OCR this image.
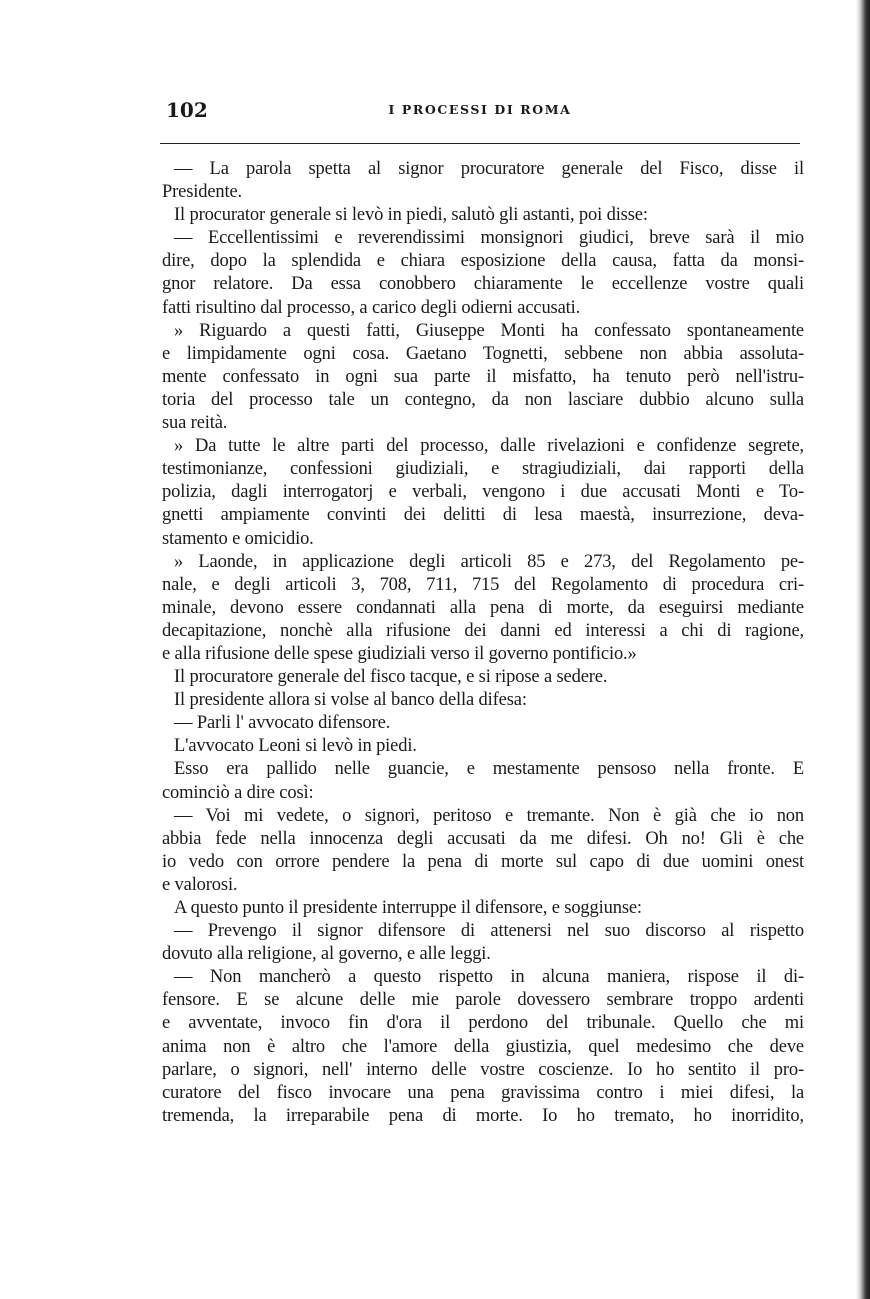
102	I PROCESSI DI ROMA
— La parola spetta al signor procuratore generale del Fisco, disse il
Presidente.
Il procurator generale si levò in piedi, salutò gli astanti, poi disse:
— Eccellentissimi e reverendissimi monsignori giudici, breve sarà il mio
dire, dopo la splendida e chiara esposizione della causa, fatta da monsi-
gnor relatore. Da essa conobbero chiaramente le eccellenze vostre quali
fatti risultino dal processo, a carico degli odierni accusati.
» Riguardo a questi fatti, Giuseppe Monti ha confessato spontaneamente
e limpidamente ogni cosa. Gaetano Tognetti, sebbene non abbia assoluta-
mente confessato in ogni sua parte il misfatto, ha tenuto però nell'istru-
toria del processo tale un contegno, da non lasciare dubbio alcuno sulla
sua reità.
» Da tutte le altre parti del processo, dalle rivelazioni e confidenze segrete,
testimonianze, confessioni giudiziali, e stragiudiziali, dai rapporti della
polizia, dagli interrogatorj e verbali, vengono i due accusati Monti e To-
gnetti ampiamente convinti dei delitti di lesa maestà, insurrezione, deva-
stamento e omicidio.
» Laonde, in applicazione degli articoli 85 e 273, del Regolamento pe-
nale, e degli articoli 3, 708, 711, 715 del Regolamento di procedura cri-
minale, devono essere condannati alla pena di morte, da eseguirsi mediante
decapitazione, nonchè alla rifusione dei danni ed interessi a chi di ragione,
e alla rifusione delle spese giudiziali verso il governo pontificio.»
Il procuratore generale del fisco tacque, e si ripose a sedere.
Il presidente allora si volse al banco della difesa:
— Parli l' avvocato difensore.
L'avvocato Leoni si levò in piedi.
Esso era pallido nelle guancie, e mestamente pensoso nella fronte. E
cominciò a dire così:
— Voi mi vedete, o signori, peritoso e tremante. Non è già che io non
abbia fede nella innocenza degli accusati da me difesi. Oh no! Gli è che
io vedo con orrore pendere la pena di morte sul capo di due uomini onest
e valorosi.
A questo punto il presidente interruppe il difensore, e soggiunse:
— Prevengo il signor difensore di attenersi nel suo discorso al rispetto
dovuto alla religione, al governo, e alle leggi.
— Non mancherò a questo rispetto in alcuna maniera, rispose il di-
fensore. E se alcune delle mie parole dovessero sembrare troppo ardenti
e avventate, invoco fin d'ora il perdono del tribunale. Quello che mi
anima non è altro che l'amore della giustizia, quel medesimo che deve
parlare, o signori, nell' interno delle vostre coscienze. Io ho sentito il pro-
curatore del fisco invocare una pena gravissima contro i miei difesi, la
tremenda, la irreparabile pena di morte. Io ho tremato, ho inorridito,
